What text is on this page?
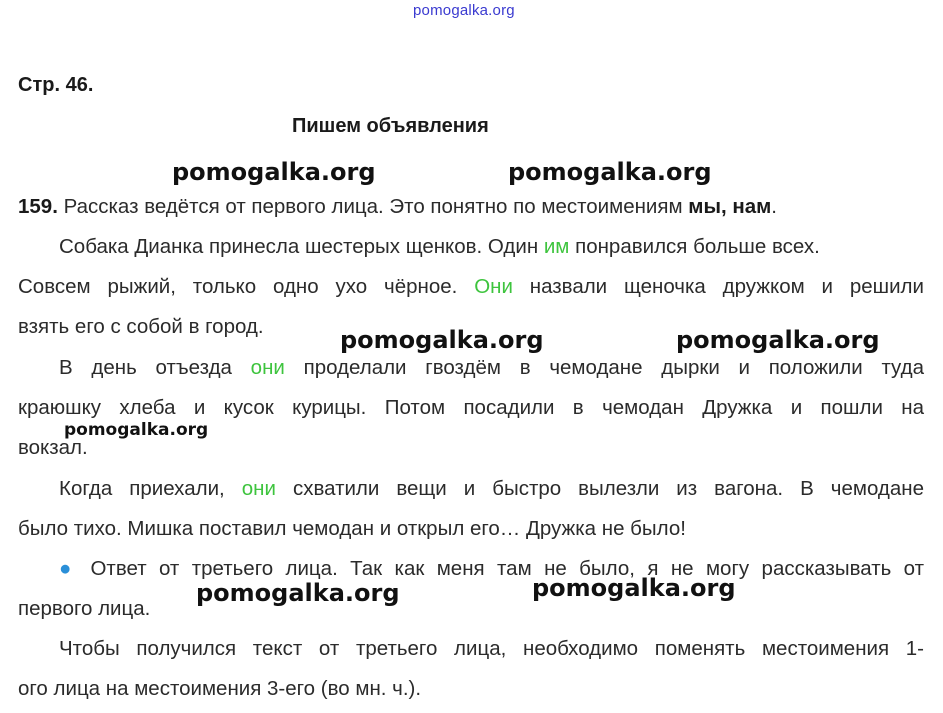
pomogalka.org
Стр. 46.
Пишем объявления
159. Рассказ ведётся от первого лица. Это понятно по местоимениям мы, нам.
Собака Дианка принесла шестерых щенков. Один им понравился больше всех.
Совсем рыжий, только одно ухо чёрное. Они назвали щеночка дружком и решили
взять его с собой в город.
В день отъезда они проделали гвоздём в чемодане дырки и положили туда
краюшку хлеба и кусок курицы. Потом посадили в чемодан Дружка и пошли на
вокзал.
Когда приехали, они схватили вещи и быстро вылезли из вагона. В чемодане
было тихо. Мишка поставил чемодан и открыл его… Дружка не было!
● Ответ от третьего лица. Так как меня там не было, я не могу рассказывать от
первого лица.
Чтобы получился текст от третьего лица, необходимо поменять местоимения 1-
ого лица на местоимения 3-его (во мн. ч.).
pomogalka.org	pomogalka.org
pomogalka.org	pomogalka.org
pomogalka.org
pomogalka.org	pomogalka.org
